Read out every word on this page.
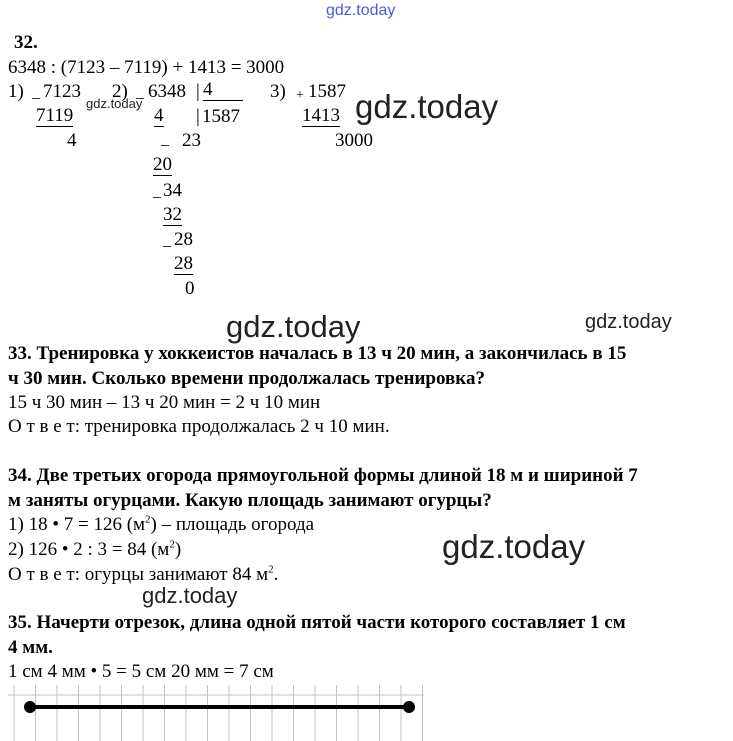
gdz.today
gdz.today	gdz.today
gdz.today	gdz.today
gdz.today
gdz.today
32.
6348 : (7123 – 7119) + 1413 = 3000
1) _ 7123
7119
4
2) _ 6348 | 4
| 1587
4
_ 23
20
_ 34
32
_ 28
28
0
3) + 1587
1413
3000
33. Тренировка у хоккеистов началась в 13 ч 20 мин, а закончилась в 15
ч 30 мин. Сколько времени продолжалась тренировка?
15 ч 30 мин – 13 ч 20 мин = 2 ч 10 мин
О т в е т: тренировка продолжалась 2 ч 10 мин.
34. Две третьих огорода прямоугольной формы длиной 18 м и шириной 7
м заняты огурцами. Какую площадь занимают огурцы?
1) 18 • 7 = 126 $(м^2)$ – площадь огорода
2) 126 • 2 : 3 = 84 $(м^2)$
О т в е т: огурцы занимают 84 $м^2$.
35. Начерти отрезок, длина одной пятой части которого составляет 1 см
4 мм.
1 см 4 мм • 5 = 5 см 20 мм = 7 см
